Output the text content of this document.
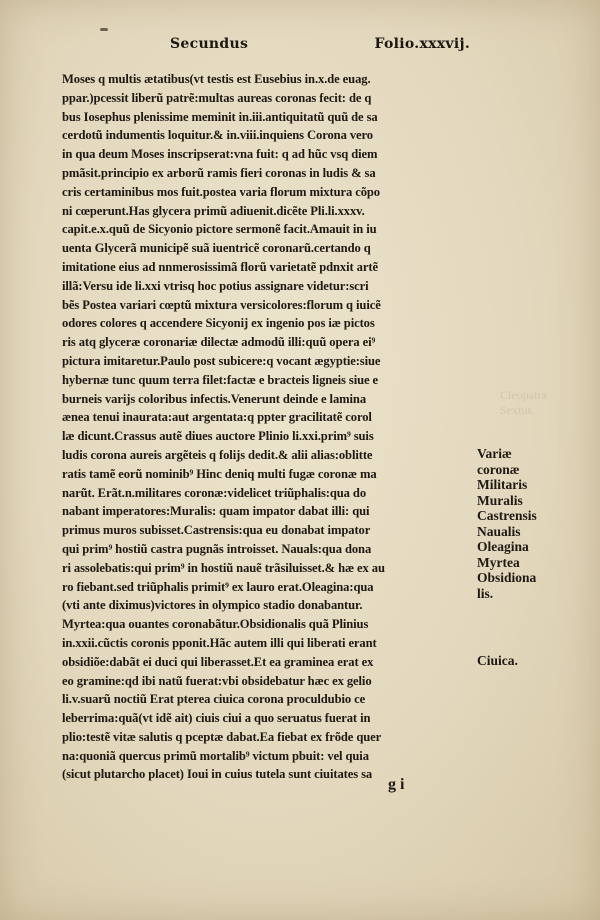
Secundus	Folio.xxxvij.
Moses q multis ætatibus(vt testis est Eusebius in.x.de euag.
ppar.)pcessit liberũ patrẽ:multas aureas coronas fecit: de q
bus Iosephus plenissime meminit in.iii.antiquitatũ quũ de sa
cerdotũ indumentis loquitur.& in.viii.inquiens Corona vero
in qua deum Moses inscripserat:vna fuit: q ad hũc vsq diem
pmãsit.principio ex arborũ ramis fieri coronas in ludis & sa
cris certaminibus mos fuit.postea varia florum mixtura cõpo
ni cœperunt.Has glycera primũ adiuenit.dicẽte Pli.li.xxxv.
capit.e.x.quũ de Sicyonio pictore sermonẽ facit.Amauit in iu
uenta Glycerã municipẽ suã iuentricẽ coronarũ.certando q
imitatione eius ad nnmerosissimã florũ varietatẽ pdnxit artẽ
illã:Versu ide li.xxi vtrisq hoc potius assignare videtur:scri
bẽs Postea variari cœptũ mixtura versicolores:florum q iuicẽ
odores colores q accendere Sicyonij ex ingenio pos iæ pictos
ris atq glyceræ coronariæ dilectæ admodũ illi:quũ opera ei⁹
pictura imitaretur.Paulo post subicere:q vocant ægyptie:siue
hybernæ tunc quum terra filet:factæ e bracteis ligneis siue e
burneis varijs coloribus infectis.Venerunt deinde e lamina
ænea tenui inaurata:aut argentata:q ppter gracilitatẽ corol
læ dicunt.Crassus autẽ diues auctore Plinio li.xxi.prim⁹ suis
ludis corona aureis argẽteis q folijs dedit.& alii alias:oblitte
ratis tamẽ eorũ nominib⁹ Hinc deniq multi fugæ coronæ ma
narũt. Erãt.n.militares coronæ:videlicet triũphalis:qua do
nabant imperatores:Muralis: quam impator dabat illi: qui
primus muros subisset.Castrensis:qua eu donabat impator
qui prim⁹ hostiũ castra pugnãs introisset. Nauals:qua dona
ri assolebatis:qui prim⁹ in hostiũ nauẽ trãsiluisset.& hæ ex au
ro fiebant.sed triũphalis primit⁹ ex lauro erat.Oleagina:qua
(vti ante diximus)victores in olympico stadio donabantur.
Myrtea:qua ouantes coronabãtur.Obsidionalis quã Plinius
in.xxii.cũctis coronis pponit.Hãc autem illi qui liberati erant
obsidiõe:dabãt ei duci qui liberasset.Et ea graminea erat ex
eo gramine:qd ibi natũ fuerat:vbi obsidebatur hæc ex gelio
li.v.suarũ noctiũ Erat pterea ciuica corona proculdubio ce
leberrima:quã(vt idẽ ait) ciuis ciui a quo seruatus fuerat in
plio:testẽ vitæ salutis q pceptæ dabat.Ea fiebat ex frõde quer
na:quoniã quercus primũ mortalib⁹ victum pbuit: vel quia
(sicut plutarcho placet) Ioui in cuius tutela sunt ciuitates sa
Cleopatra
Sextus.
Variæ
coronæ
Militaris
Muralis
Castrensis
Naualis
Oleagina
Myrtea
Obsidiona
lis.
Ciuica.
g i
